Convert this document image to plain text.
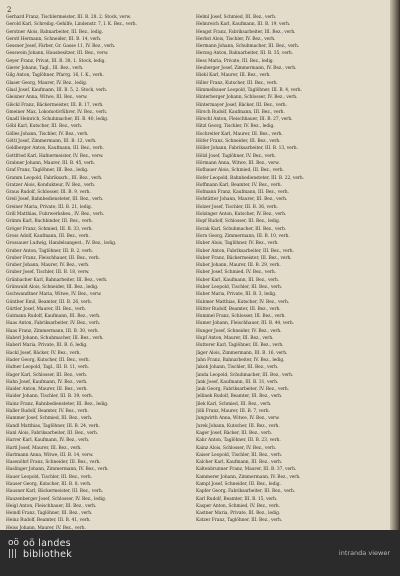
2
Gerhard Franz, Tischlermeister, III. B. 28. 2. Stock, verw.
Gerold Karl, Schreibg.-Gehilfe, Lindenstr. 7, I. K. Bez., verh.
Gerstner Alois, Bahnarbeiter, III. Bez., ledig.
Gerstl Hermann, Schneider, III. B. 14, verh.
Gessner Josef, Färber, Gr. Gasse 11, IV. Bez., verh.
Gesswein Johann, Hausbesitzer, III. Bez., verw.
Geyer Franz, Privat, III. B. 38, 1. Stock, ledig.
Gierer Johann, Tagl., III. Bez., verh.
Gilg Anton, Taglöhner, Pfarrg. 16, I. K., verh.
Glaser Georg, Maurer, IV. Bez., ledig.
Glasl Josef, Kaufmann, III. B. 5, 2. Stock, verh.
Gleixner Anna, Witwe, III. Bez., verw.
Glöckl Franz, Bäckermeister, III. B. 17, verh.
Gmeiner Max, Lokomotivführer, IV. Bez., verh.
Gnadl Heinrich, Schuhmacher, III. B. 40, ledig.
Göbl Karl, Kutscher, III. Bez., verh.
Gölles Johann, Tischler, IV. Bez., verh.
Göttl Josef, Zimmermann, III. B. 12, verh.
Goldberger Anton, Kaufmann, III. Bez., verh.
Gottfried Karl, Hafnermeister, IV. Bez., verw.
Grabner Johann, Maurer, III. B. 45, verh.
Graf Franz, Taglöhner, III. Bez., ledig.
Gramm Leopold, Fabriksarb., III. Bez., verh.
Gratzer Alois, Kondukteur, IV. Bez., verh.
Graus Rudolf, Schlosser, III. B. 9, verh.
Greil Josef, Bahnbediensteter, III. Bez., verh.
Greiner Maria, Private, III. B. 21, ledig.
Grill Matthias, Fuhrwerksbes., IV. Bez., verh.
Grimm Karl, Buchbinder, III. Bez., verh.
Gröger Franz, Schmied, III. B. 33, verh.
Gross Adolf, Kaufmann, III. Bez., verh.
Grossauer Ludwig, Handelsangest., IV. Bez., ledig.
Gruber Anton, Taglöhner, III. B. 2, verh.
Gruber Franz, Fleischhauer, III. Bez., verh.
Gruber Johann, Maurer, IV. Bez., verh.
Gruber Josef, Tischler, III. B. 18, verw.
Grünbacher Karl, Bahnarbeiter, III. Bez., verh.
Grünwald Alois, Schneider, III. Bez., ledig.
Gschwandtner Maria, Witwe, IV. Bez., verw.
Günther Emil, Beamter, III. B. 26, verh.
Gürtler Josef, Maurer, III. Bez., verh.
Gutmann Rudolf, Kaufmann, III. Bez., verh.
Haas Anton, Fabriksarbeiter, IV. Bez., verh.
Haas Franz, Zimmermann, III. B. 30, verh.
Haberl Johann, Schuhmacher, III. Bez., verh.
Haberl Maria, Private, III. B. 6, ledig.
Hackl Josef, Bäcker, IV. Bez., verh.
Hader Georg, Kutscher, III. Bez., verh.
Hafner Leopold, Tagl., III. B. 11, verh.
Hager Karl, Schlosser, III. Bez., verh.
Hahn Josef, Kaufmann, IV. Bez., verh.
Haider Anton, Maurer, III. Bez., verh.
Haider Johann, Tischler, III. B. 39, verh.
Hainz Franz, Bahnbediensteter, III. Bez., ledig.
Haller Rudolf, Beamter, IV. Bez., verh.
Hammer Josef, Schmied, III. Bez., verh.
Handl Matthias, Taglöhner, III. B. 24, verh.
Hanl Alois, Fabriksarbeiter, III. Bez., verh.
Harrer Karl, Kaufmann, IV. Bez., verh.
Hartl Josef, Maurer, III. Bez., verh.
Hartmann Anna, Witwe, III. B. 14, verw.
Hasenöhrl Franz, Schneider, III. Bez., verh.
Haslinger Johann, Zimmermann, IV. Bez., verh.
Hauer Leopold, Tischler, III. Bez., verh.
Hauser Georg, Kutscher, III. B. 8, verh.
Hausner Karl, Bäckermeister, III. Bez., verh.
Hauzenberger Josef, Schlosser, IV. Bez., ledig.
Heigl Anton, Fleischhauer, III. Bez., verh.
Heindl Franz, Taglöhner, III. Bez., verh.
Heinz Rudolf, Beamter, III. B. 41, verh.
Heiss Johann, Maurer, IV. Bez., verh.
Helml Josef, Schmied, III. Bez., verh.
Helmreich Karl, Kaufmann, III. B. 19, verh.
Hengst Franz, Fabriksarbeiter, III. Bez., verh.
Herbst Alois, Tischler, IV. Bez., verh.
Hermann Johann, Schuhmacher, III. Bez., verh.
Herzog Anton, Bahnarbeiter, III. B. 35, verh.
Hess Maria, Private, III. Bez., ledig.
Heuberger Josef, Zimmermann, IV. Bez., verh.
Hiebl Karl, Maurer, III. Bez., verh.
Hiller Franz, Kutscher, III. Bez., verh.
Himmelbauer Leopold, Taglöhner, III. B. 4, verh.
Hinterberger Johann, Schlosser, IV. Bez., verh.
Hintermayer Josef, Bäcker, III. Bez., verh.
Hirsch Rudolf, Kaufmann, III. Bez., verh.
Hirschl Anton, Fleischhauer, III. B. 27, verh.
Hitzl Georg, Tischler, IV. Bez., ledig.
Hochreiter Karl, Maurer, III. Bez., verh.
Höfer Franz, Schneider, III. Bez., verh.
Höller Johann, Fabriksarbeiter, III. B. 13, verh.
Hölzl Josef, Taglöhner, IV. Bez., verh.
Hörmann Anna, Witwe, III. Bez., verw.
Hofbauer Alois, Schmied, III. Bez., verh.
Hofer Leopold, Bahnbediensteter, III. B. 22, verh.
Hoffmann Karl, Beamter, IV. Bez., verh.
Hofmann Franz, Kaufmann, III. Bez., verh.
Hofstätter Johann, Maurer, III. Bez., verh.
Holzer Josef, Tischler, III. B. 36, verh.
Holzinger Anton, Kutscher, IV. Bez., verh.
Hopf Rudolf, Schlosser, III. Bez., ledig.
Horak Karl, Schuhmacher, III. Bez., verh.
Horn Georg, Zimmermann, III. B. 10, verh.
Huber Alois, Taglöhner, IV. Bez., verh.
Huber Anton, Fabriksarbeiter, III. Bez., verh.
Huber Franz, Bäckermeister, III. Bez., verh.
Huber Johann, Maurer, III. B. 29, verh.
Huber Josef, Schmied, IV. Bez., verh.
Huber Karl, Kaufmann, III. Bez., verh.
Huber Leopold, Tischler, III. Bez., verh.
Huber Maria, Private, III. B. 3, ledig.
Hubmer Matthias, Kutscher, IV. Bez., verh.
Hütter Rudolf, Beamter, III. Bez., verh.
Hummel Franz, Schlosser, III. Bez., verh.
Humer Johann, Fleischhauer, III. B. 44, verh.
Hunger Josef, Schneider, IV. Bez., verh.
Hupf Anton, Maurer, III. Bez., verh.
Hutterer Karl, Taglöhner, III. Bez., verh.
Jäger Alois, Zimmermann, III. B. 16, verh.
Jahn Franz, Bahnarbeiter, IV. Bez., ledig.
Jakob Johann, Tischler, III. Bez., verh.
Janda Leopold, Schuhmacher, III. Bez., verh.
Jank Josef, Kaufmann, III. B. 31, verh.
Jauk Georg, Fabriksarbeiter, IV. Bez., verh.
Jellinek Rudolf, Beamter, III. Bez., verh.
Jilek Karl, Schmied, III. Bez., verh.
Jölli Franz, Maurer, III. B. 7, verh.
Jungwirth Anna, Witwe, IV. Bez., verw.
Jurek Johann, Kutscher, III. Bez., verh.
Kager Josef, Bäcker, III. Bez., verh.
Kahr Anton, Taglöhner, III. B. 23, verh.
Kainz Alois, Schlosser, IV. Bez., verh.
Kaiser Leopold, Tischler, III. Bez., verh.
Kalcher Karl, Kaufmann, III. Bez., verh.
Kaltenbrunner Franz, Maurer, III. B. 37, verh.
Kammerer Johann, Zimmermann, IV. Bez., verh.
Kampl Josef, Schneider, III. Bez., ledig.
Kapfer Georg, Fabriksarbeiter, III. Bez., verh.
Karl Rudolf, Beamter, III. B. 15, verh.
Kasper Anton, Schmied, IV. Bez., verh.
Kastner Maria, Private, III. Bez., ledig.
Katzer Franz, Taglöhner, III. Bez., verh.
oö
|||
oö landes
bibliothek	intranda viewer
